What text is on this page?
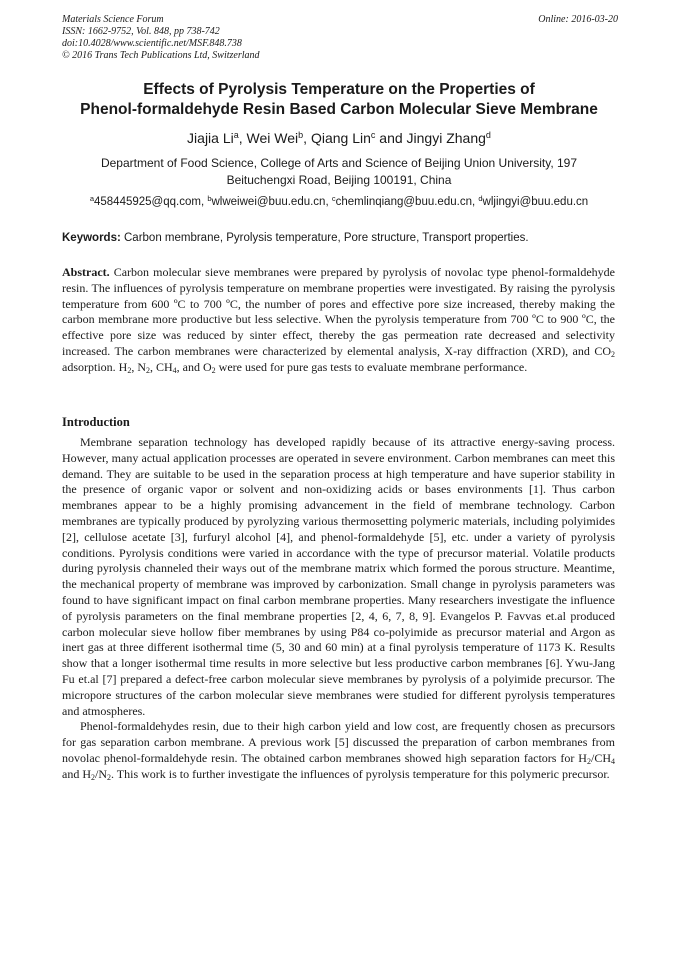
Materials Science Forum
ISSN: 1662-9752, Vol. 848, pp 738-742
doi:10.4028/www.scientific.net/MSF.848.738
© 2016 Trans Tech Publications Ltd, Switzerland
Online: 2016-03-20
Effects of Pyrolysis Temperature on the Properties of
Phenol-formaldehyde Resin Based Carbon Molecular Sieve Membrane
Jiajia Li$^a$, Wei Wei$^b$, Qiang Lin$^c$ and Jingyi Zhang$^d$
Department of Food Science, College of Arts and Science of Beijing Union University, 197
Beituchengxi Road, Beijing 100191, China
$^a$458445925@qq.com, $^b$wlweiwei@buu.edu.cn, $^c$chemlinqiang@buu.edu.cn, $^d$wljingyi@buu.edu.cn
Keywords: Carbon membrane, Pyrolysis temperature, Pore structure, Transport properties.
Abstract. Carbon molecular sieve membranes were prepared by pyrolysis of novolac type phenol-formaldehyde resin. The influences of pyrolysis temperature on membrane properties were investigated. By raising the pyrolysis temperature from 600 ºC to 700 ºC, the number of pores and effective pore size increased, thereby making the carbon membrane more productive but less selective. When the pyrolysis temperature from 700 ºC to 900 ºC, the effective pore size was reduced by sinter effect, thereby the gas permeation rate decreased and selectivity increased. The carbon membranes were characterized by elemental analysis, X-ray diffraction (XRD), and $CO_2$ adsorption. $H_2$, $N_2$, $CH_4$, and $O_2$ were used for pure gas tests to evaluate membrane performance.
Introduction

Membrane separation technology has developed rapidly because of its attractive energy-saving process. However, many actual application processes are operated in severe environment. Carbon membranes can meet this demand. They are suitable to be used in the separation process at high temperature and have superior stability in the presence of organic vapor or solvent and non-oxidizing acids or bases environments [1]. Thus carbon membranes appear to be a highly promising advancement in the field of membrane technology. Carbon membranes are typically produced by pyrolyzing various thermosetting polymeric materials, including polyimides [2], cellulose acetate [3], furfuryl alcohol [4], and phenol-formaldehyde [5], etc. under a variety of pyrolysis conditions. Pyrolysis conditions were varied in accordance with the type of precursor material. Volatile products during pyrolysis channeled their ways out of the membrane matrix which formed the porous structure. Meantime, the mechanical property of membrane was improved by carbonization. Small change in pyrolysis parameters was found to have significant impact on final carbon membrane properties. Many researchers investigate the influence of pyrolysis parameters on the final membrane properties [2, 4, 6, 7, 8, 9]. Evangelos P. Favvas et.al produced carbon molecular sieve hollow fiber membranes by using P84 co-polyimide as precursor material and Argon as inert gas at three different isothermal time (5, 30 and 60 min) at a final pyrolysis temperature of 1173 K. Results show that a longer isothermal time results in more selective but less productive carbon membranes [6]. Ywu-Jang Fu et.al [7] prepared a defect-free carbon molecular sieve membranes by pyrolysis of a polyimide precursor. The micropore structures of the carbon molecular sieve membranes were studied for different pyrolysis temperatures and atmospheres.

Phenol-formaldehydes resin, due to their high carbon yield and low cost, are frequently chosen as precursors for gas separation carbon membrane. A previous work [5] discussed the preparation of carbon membranes from novolac phenol-formaldehyde resin. The obtained carbon membranes showed high separation factors for $H_2/CH_4$ and $H_2/N_2$. This work is to further investigate the influences of pyrolysis temperature for this polymeric precursor.
